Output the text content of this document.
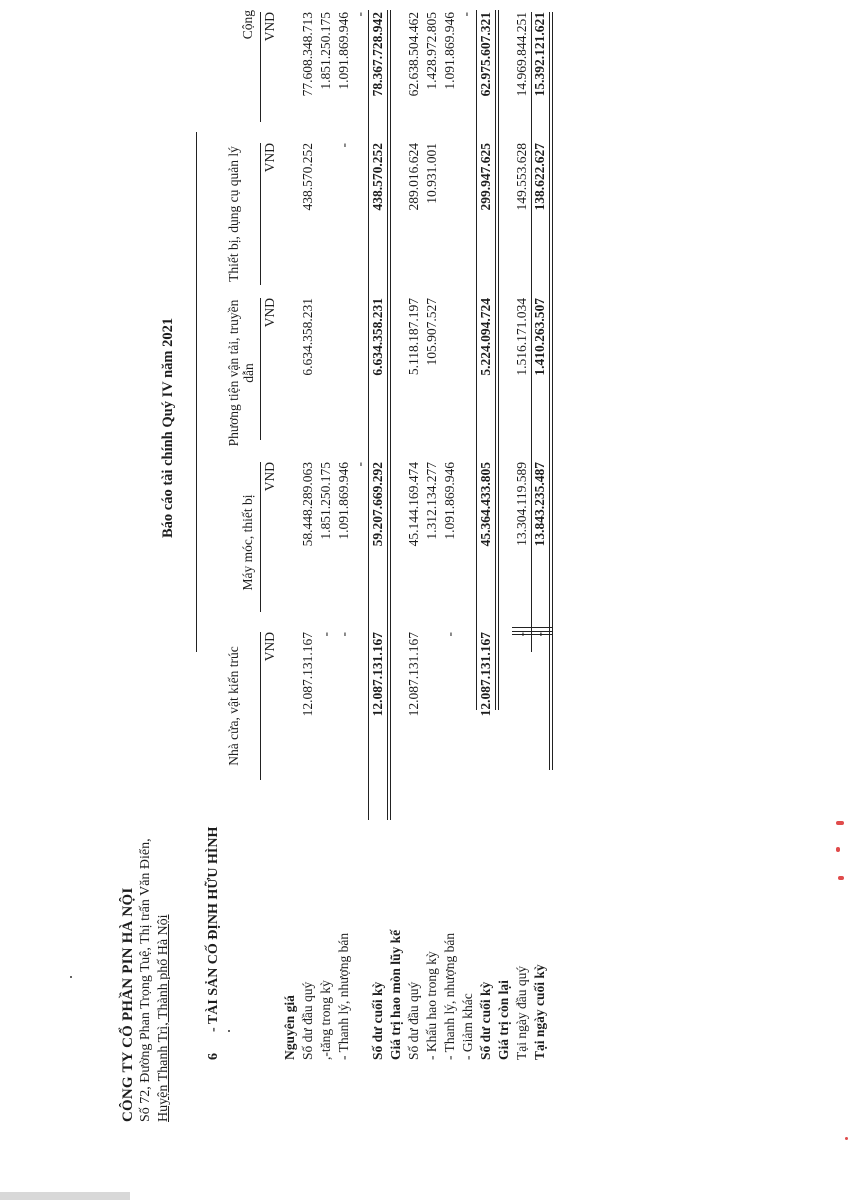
CÔNG TY CỔ PHẦN PIN HÀ NỘI Số 72, Đường Phan Trọng Tuệ, Thị trấn Văn Điển, Huyện Thanh Trì, Thành phố Hà Nội
Báo cáo tài chính Quý IV năm 2021
6
- TÀI SẢN CỐ ĐỊNH HỮU HÌNH
Nhà cửa, vật kiến trúc
Máy móc, thiết bị
Phương tiện vận tải, truyền dẫn
Thiết bị, dụng cụ quản lý
Cộng
VND
VND
VND
VND
VND
Nguyên giá Số dư đầu quý ,-tăng trong kỳ - Thanh lý, nhượng bán Số dư cuối kỳ Giá trị hao mòn lũy kế Số dư đầu quý - Khấu hao trong kỳ - Thanh lý, nhượng bán - Giảm khác Số dư cuối kỳ Giá trị còn lại Tại ngày đầu quý Tại ngày cuối kỳ
12.087.131.167
58.448.289.063
6.634.358.231
438.570.252
77.608.348.713
-
1.851.250.175
1.851.250.175
-
1.091.869.946
-
1.091.869.946
-
-
12.087.131.167
59.207.669.292
6.634.358.231
438.570.252
78.367.728.942
12.087.131.167
45.144.169.474
5.118.187.197
289.016.624
62.638.504.462
1.312.134.277
105.907.527
10.931.001
1.428.972.805
-
1.091.869.946
1.091.869.946 -
12.087.131.167
45.364.433.805
5.224.094.724
299.947.625
62.975.607.321
-
13.304.119.589
1.516.171.034
149.553.628
14.969.844.251
-
13.843.235.487
1.410.263.507
138.622.627
15.392.121.621
